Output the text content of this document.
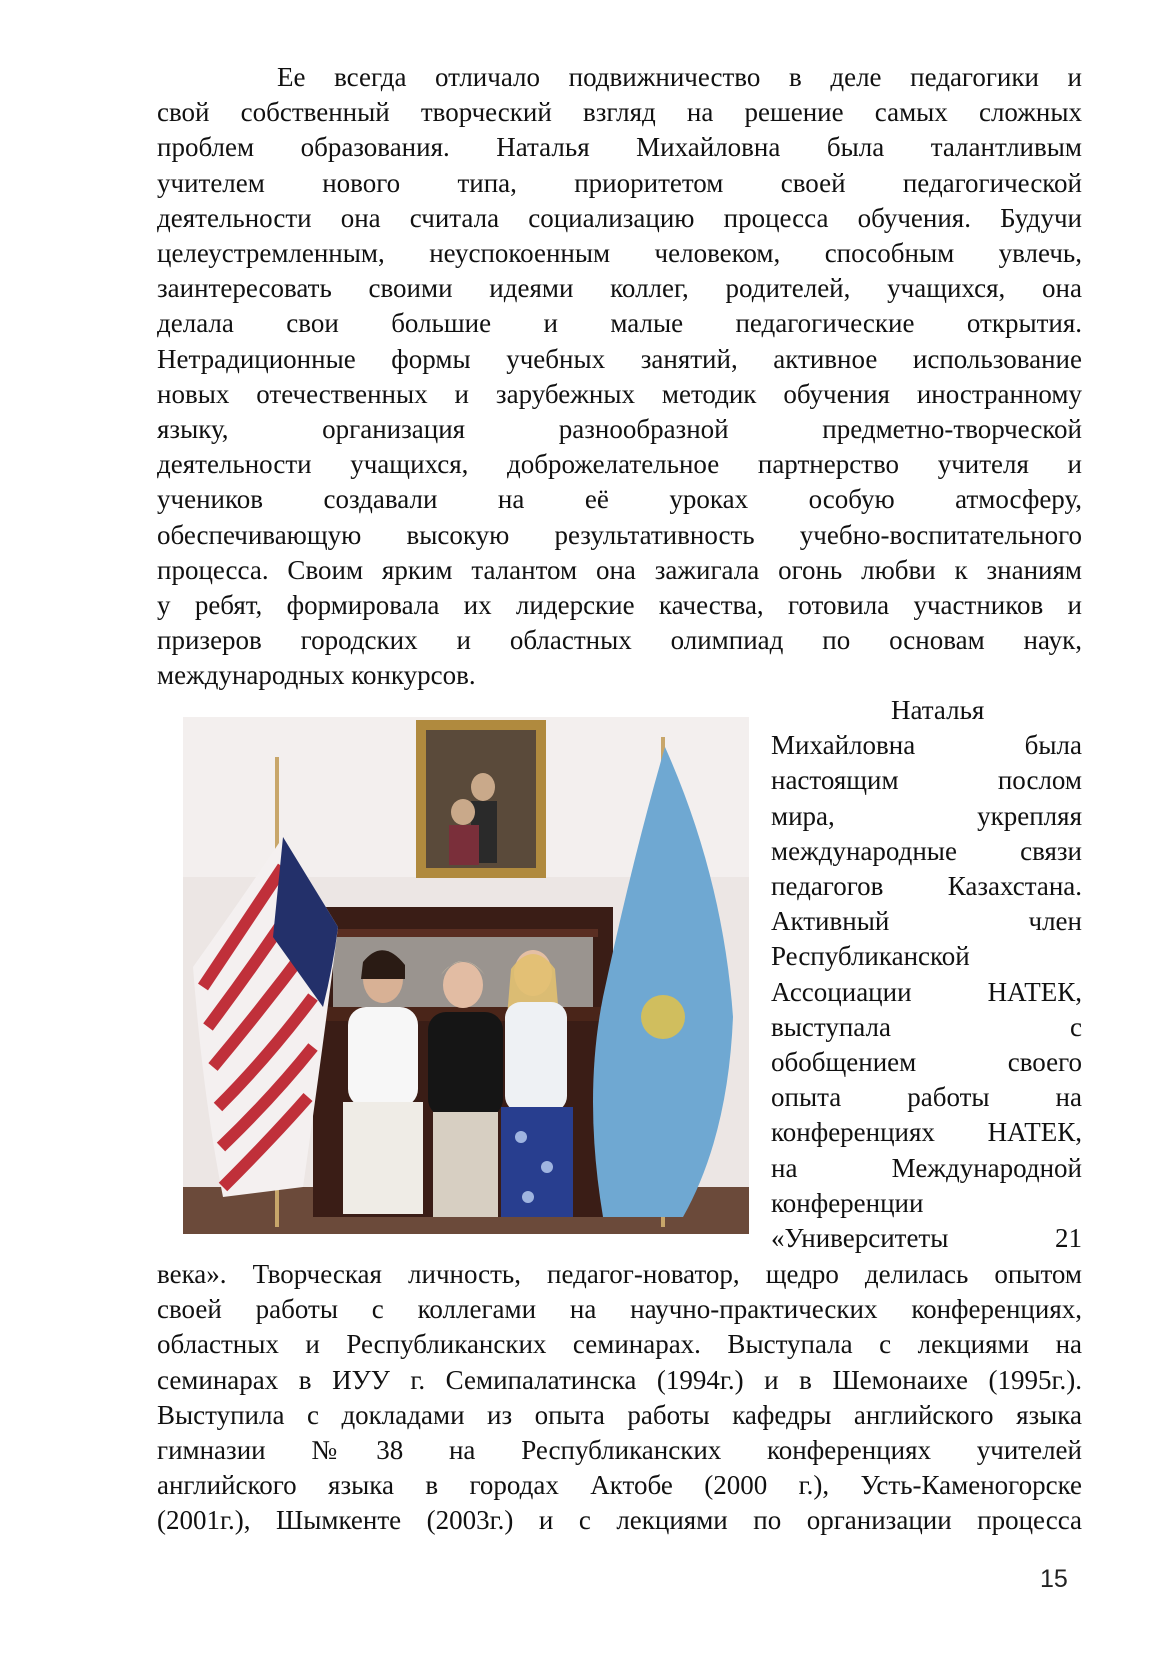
Ее всегда отличало подвижничество в деле педагогики и
свой собственный творческий взгляд на решение самых сложных
проблем образования. Наталья Михайловна была талантливым
учителем нового типа, приоритетом своей педагогической
деятельности она считала социализацию процесса обучения. Будучи
целеустремленным, неуспокоенным человеком, способным увлечь,
заинтересовать своими идеями коллег, родителей, учащихся, она
делала свои большие и малые педагогические открытия.
Нетрадиционные формы учебных занятий, активное использование
новых отечественных и зарубежных методик обучения иностранному
языку, организация разнообразной предметно-творческой
деятельности учащихся, доброжелательное партнерство учителя и
учеников создавали на её уроках особую атмосферу,
обеспечивающую высокую результативность учебно-воспитательного
процесса. Своим ярким талантом она зажигала огонь любви к знаниям
у ребят, формировала их лидерские качества, готовила участников и
призеров городских и областных олимпиад по основам наук,
международных конкурсов.
Наталья
Михайловна была
настоящим послом
мира, укрепляя
международные связи
педагогов Казахстана.
Активный член
Республиканской
Ассоциации НАТЕК,
выступала с
обобщением своего
опыта работы на
конференциях НАТЕК,
на Международной
конференции
«Университеты 21
века». Творческая личность, педагог-новатор, щедро делилась опытом
своей работы с коллегами на научно-практических конференциях,
областных и Республиканских семинарах. Выступала с лекциями на
семинарах в ИУУ г. Семипалатинска (1994г.) и в Шемонаихе (1995г.).
Выступила с докладами из опыта работы кафедры английского языка
гимназии №38 на Республиканских конференциях учителей
английского языка в городах Актобе (2000 г.), Усть-Каменогорске
(2001г.), Шымкенте (2003г.) и с лекциями по организации процесса
15
